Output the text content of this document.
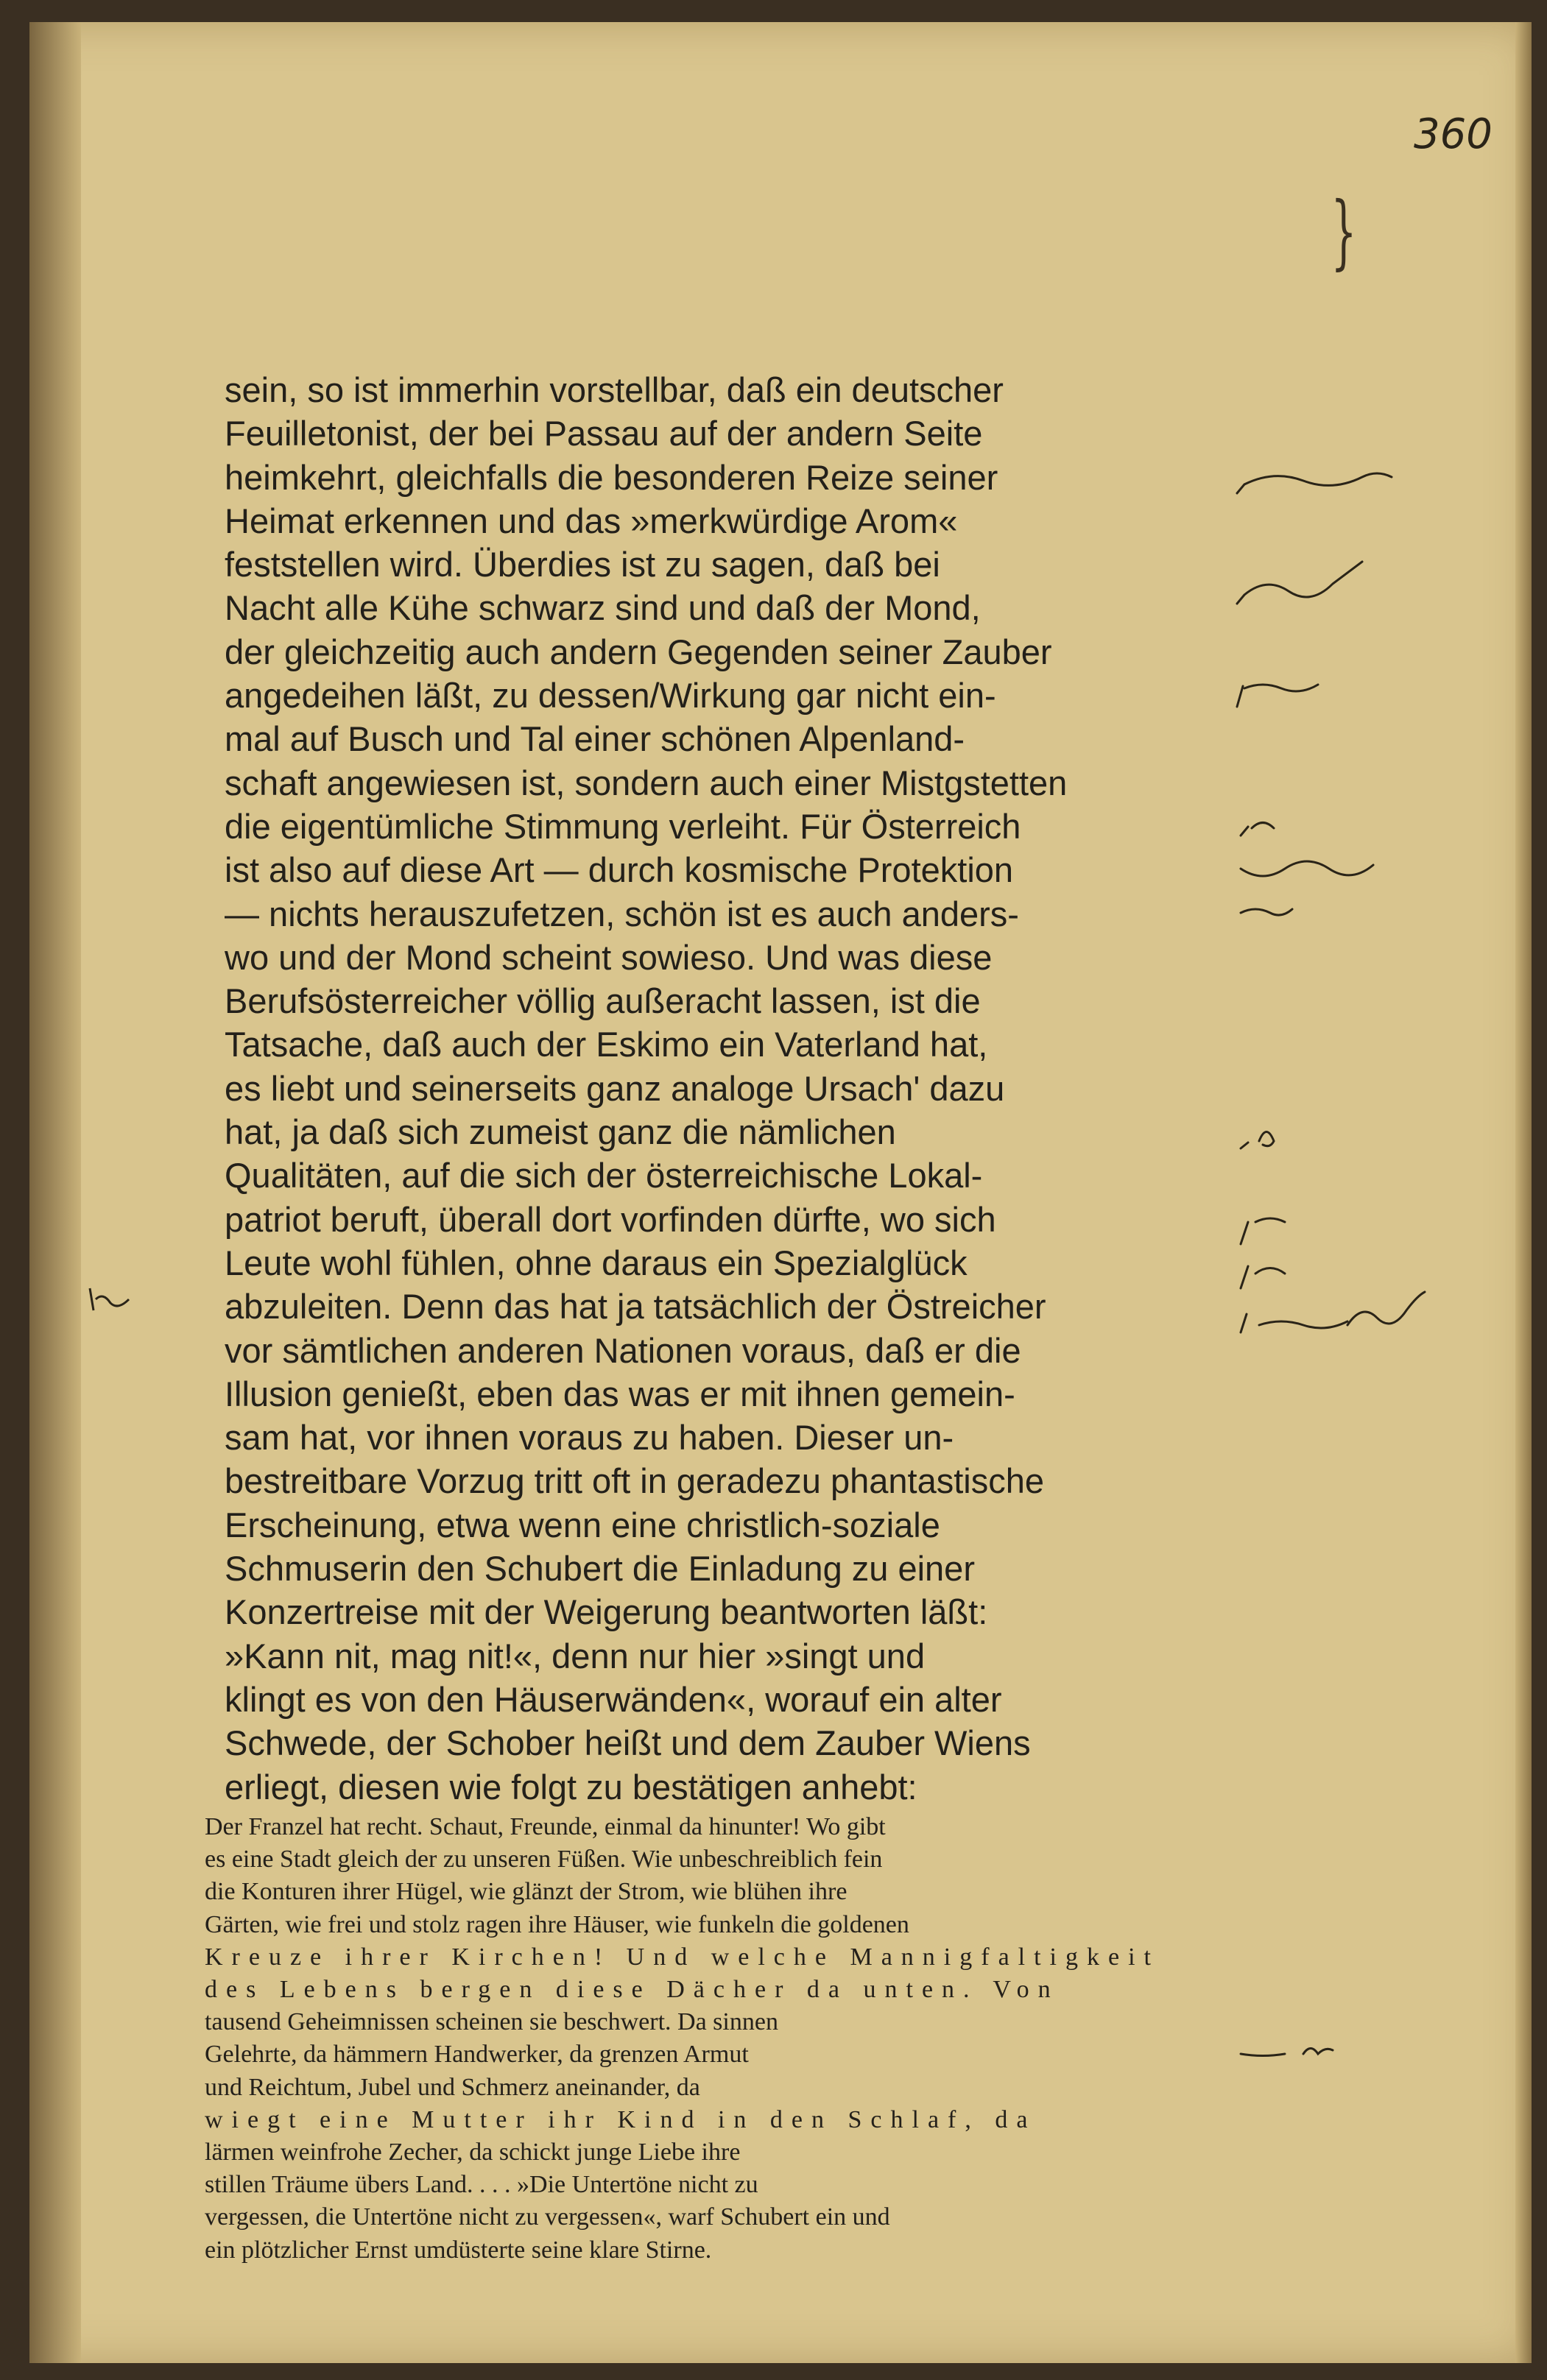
360
}
sein, so ist immerhin vorstellbar, daß ein deutscher
Feuilletonist, der bei Passau auf der andern Seite
heimkehrt, gleichfalls die besonderen Reize seiner
Heimat erkennen und das »merkwürdige Arom«
feststellen wird. Überdies ist zu sagen, daß bei
Nacht alle Kühe schwarz sind und daß der Mond,
der gleichzeitig auch andern Gegenden seiner Zauber
angedeihen läßt, zu dessen/Wirkung gar nicht ein-
mal auf Busch und Tal einer schönen Alpenland-
schaft angewiesen ist, sondern auch einer Mistgstetten
die eigentümliche Stimmung verleiht. Für Österreich
ist also auf diese Art — durch kosmische Protektion
— nichts herauszufetzen, schön ist es auch anders-
wo und der Mond scheint sowieso. Und was diese
Berufsösterreicher völlig außeracht lassen, ist die
Tatsache, daß auch der Eskimo ein Vaterland hat,
es liebt und seinerseits ganz analoge Ursach' dazu
hat, ja daß sich zumeist ganz die nämlichen
Qualitäten, auf die sich der österreichische Lokal-
patriot beruft, überall dort vorfinden dürfte, wo sich
Leute wohl fühlen, ohne daraus ein Spezialglück
abzuleiten. Denn das hat ja tatsächlich der Östreicher
vor sämtlichen anderen Nationen voraus, daß er die
Illusion genießt, eben das was er mit ihnen gemein-
sam hat, vor ihnen voraus zu haben. Dieser un-
bestreitbare Vorzug tritt oft in geradezu phantastische
Erscheinung, etwa wenn eine christlich-soziale
Schmuserin den Schubert die Einladung zu einer
Konzertreise mit der Weigerung beantworten läßt:
»Kann nit, mag nit!«, denn nur hier »singt und
klingt es von den Häuserwänden«, worauf ein alter
Schwede, der Schober heißt und dem Zauber Wiens
erliegt, diesen wie folgt zu bestätigen anhebt:
Der Franzel hat recht. Schaut, Freunde, einmal da hinunter! Wo gibt
es eine Stadt gleich der zu unseren Füßen. Wie unbeschreiblich fein
die Konturen ihrer Hügel, wie glänzt der Strom, wie blühen ihre
Gärten, wie frei und stolz ragen ihre Häuser, wie funkeln die goldenen
Kreuze ihrer Kirchen! Und welche Mannigfaltigkeit
des Lebens bergen diese Dächer da unten. Von
tausend Geheimnissen scheinen sie beschwert. Da sinnen
Gelehrte, da hämmern Handwerker, da grenzen Armut
und Reichtum, Jubel und Schmerz aneinander, da
wiegt eine Mutter ihr Kind in den Schlaf, da
lärmen weinfrohe Zecher, da schickt junge Liebe ihre
stillen Träume übers Land. . . . »Die Untertöne nicht zu
vergessen, die Untertöne nicht zu vergessen«, warf Schubert ein und
ein plötzlicher Ernst umdüsterte seine klare Stirne.
